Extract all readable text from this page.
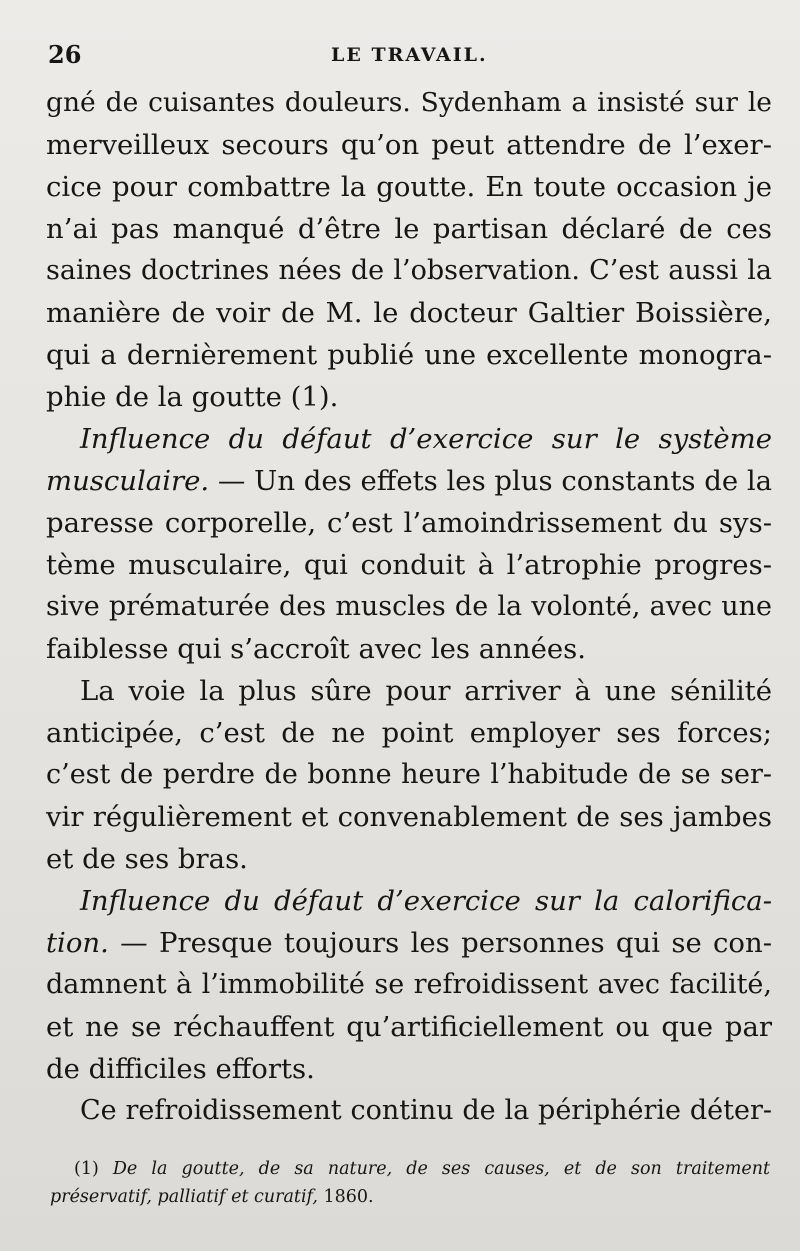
26	LE TRAVAIL.
gné de cuisantes douleurs. Sydenham a insisté sur le
merveilleux secours qu’on peut attendre de l’exer-
cice pour combattre la goutte. En toute occasion je
n’ai pas manqué d’être le partisan déclaré de ces
saines doctrines nées de l’observation. C’est aussi la
manière de voir de M. le docteur Galtier Boissière,
qui a dernièrement publié une excellente monogra-
phie de la goutte (1).
Influence du défaut d’exercice sur le système
musculaire. — Un des effets les plus constants de la
paresse corporelle, c’est l’amoindrissement du sys-
tème musculaire, qui conduit à l’atrophie progres-
sive prématurée des muscles de la volonté, avec une
faiblesse qui s’accroît avec les années.
La voie la plus sûre pour arriver à une sénilité
anticipée, c’est de ne point employer ses forces;
c’est de perdre de bonne heure l’habitude de se ser-
vir régulièrement et convenablement de ses jambes
et de ses bras.
Influence du défaut d’exercice sur la calorifica-
tion. — Presque toujours les personnes qui se con-
damnent à l’immobilité se refroidissent avec facilité,
et ne se réchauffent qu’artificiellement ou que par
de difficiles efforts.
Ce refroidissement continu de la périphérie déter-
(1) De la goutte, de sa nature, de ses causes, et de son traitement
préservatif, palliatif et curatif, 1860.
